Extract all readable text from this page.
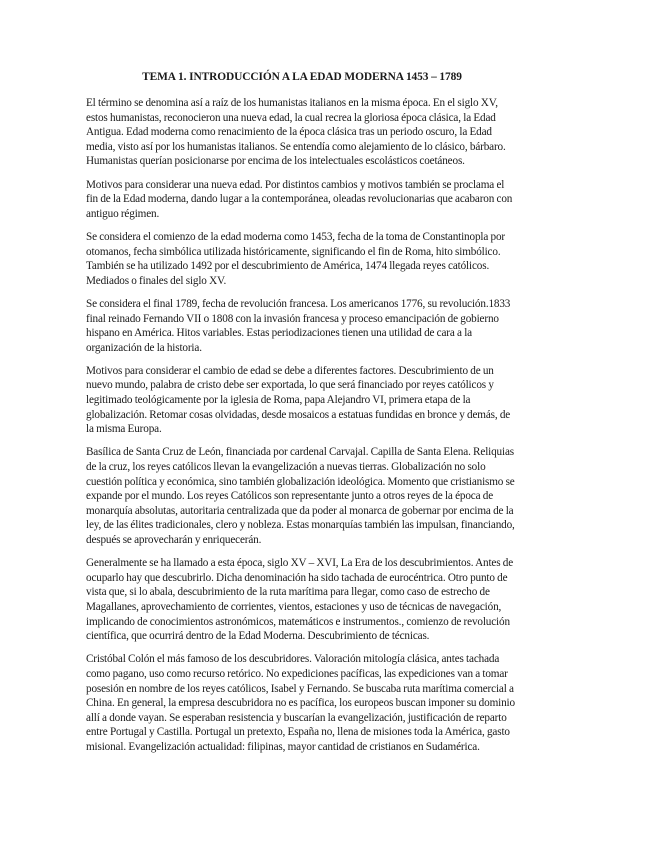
TEMA 1. INTRODUCCIÓN A LA EDAD MODERNA 1453 – 1789

El término se denomina así a raíz de los humanistas italianos en la misma época. En el siglo XV, estos humanistas, reconocieron una nueva edad, la cual recrea la gloriosa época clásica, la Edad Antigua. Edad moderna como renacimiento de la época clásica tras un periodo oscuro, la Edad media, visto así por los humanistas italianos. Se entendía como alejamiento de lo clásico, bárbaro. Humanistas querían posicionarse por encima de los intelectuales escolásticos coetáneos.

Motivos para considerar una nueva edad. Por distintos cambios y motivos también se proclama el fin de la Edad moderna, dando lugar a la contemporánea, oleadas revolucionarias que acabaron con antiguo régimen.

Se considera el comienzo de la edad moderna como 1453, fecha de la toma de Constantinopla por otomanos, fecha simbólica utilizada históricamente, significando el fin de Roma, hito simbólico. También se ha utilizado 1492 por el descubrimiento de América, 1474 llegada reyes católicos. Mediados o finales del siglo XV.

Se considera el final 1789, fecha de revolución francesa. Los americanos 1776, su revolución.1833 final reinado Fernando VII o 1808 con la invasión francesa y proceso emancipación de gobierno hispano en América. Hitos variables. Estas periodizaciones tienen una utilidad de cara a la organización de la historia.

Motivos para considerar el cambio de edad se debe a diferentes factores. Descubrimiento de un nuevo mundo, palabra de cristo debe ser exportada, lo que será financiado por reyes católicos y legitimado teológicamente por la iglesia de Roma, papa Alejandro VI, primera etapa de la globalización. Retomar cosas olvidadas, desde mosaicos a estatuas fundidas en bronce y demás, de la misma Europa.

Basílica de Santa Cruz de León, financiada por cardenal Carvajal. Capilla de Santa Elena. Reliquias de la cruz, los reyes católicos llevan la evangelización a nuevas tierras. Globalización no solo cuestión política y económica, sino también globalización ideológica. Momento que cristianismo se expande por el mundo. Los reyes Católicos son representante junto a otros reyes de la época de monarquía absolutas, autoritaria centralizada que da poder al monarca de gobernar por encima de la ley, de las élites tradicionales, clero y nobleza. Estas monarquías también las impulsan, financiando, después se aprovecharán y enriquecerán.

Generalmente se ha llamado a esta época, siglo XV – XVI, La Era de los descubrimientos. Antes de ocuparlo hay que descubrirlo. Dicha denominación ha sido tachada de eurocéntrica. Otro punto de vista que, si lo abala, descubrimiento de la ruta marítima para llegar, como caso de estrecho de Magallanes, aprovechamiento de corrientes, vientos, estaciones y uso de técnicas de navegación, implicando de conocimientos astronómicos, matemáticos e instrumentos., comienzo de revolución científica, que ocurrirá dentro de la Edad Moderna. Descubrimiento de técnicas.

Cristóbal Colón el más famoso de los descubridores. Valoración mitología clásica, antes tachada como pagano, uso como recurso retórico. No expediciones pacíficas, las expediciones van a tomar posesión en nombre de los reyes católicos, Isabel y Fernando. Se buscaba ruta marítima comercial a China. En general, la empresa descubridora no es pacífica, los europeos buscan imponer su dominio allí a donde vayan. Se esperaban resistencia y buscarían la evangelización, justificación de reparto entre Portugal y Castilla. Portugal un pretexto, España no, llena de misiones toda la América, gasto misional. Evangelización actualidad: filipinas, mayor cantidad de cristianos en Sudamérica.
